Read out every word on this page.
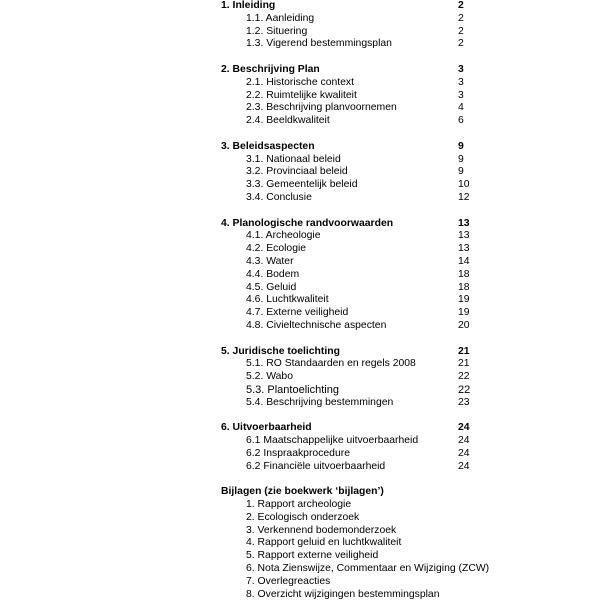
1. Inleiding	2
1.1. Aanleiding	2
1.2. Situering	2
1.3. Vigerend bestemmingsplan	2
2. Beschrijving Plan	3
2.1. Historische context	3
2.2. Ruimtelijke kwaliteit	3
2.3. Beschrijving planvoornemen	4
2.4. Beeldkwaliteit	6
3. Beleidsaspecten	9
3.1. Nationaal beleid	9
3.2. Provinciaal beleid	9
3.3. Gemeentelijk beleid	10
3.4. Conclusie	12
4. Planologische randvoorwaarden	13
4.1. Archeologie	13
4.2. Ecologie	13
4.3. Water	14
4.4. Bodem	18
4.5. Geluid	18
4.6. Luchtkwaliteit	19
4.7. Externe veiligheid	19
4.8. Civieltechnische aspecten	20
5. Juridische toelichting	21
5.1. RO Standaarden en regels 2008	21
5.2. Wabo	22
5.3. Plantoelichting	22
5.4. Beschrijving bestemmingen	23
6. Uitvoerbaarheid	24
6.1 Maatschappelijke uitvoerbaarheid	24
6.2 Inspraakprocedure	24
6.2 Financiële uitvoerbaarheid	24
Bijlagen (zie boekwerk ‘bijlagen’)
1. Rapport archeologie
2. Ecologisch onderzoek
3. Verkennend bodemonderzoek
4. Rapport geluid en luchtkwaliteit
5. Rapport externe veiligheid
6. Nota Zienswijze, Commentaar en Wijziging (ZCW)
7. Overlegreacties
8. Overzicht wijzigingen bestemmingsplan
